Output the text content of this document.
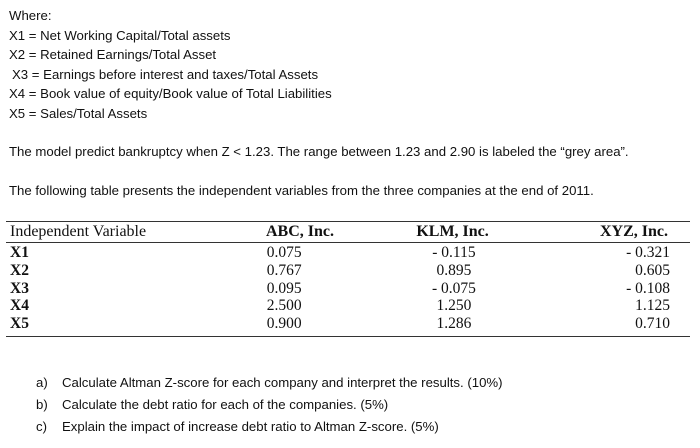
Where:
X1 = Net Working Capital/Total assets
X2 = Retained Earnings/Total Asset
X3 = Earnings before interest and taxes/Total Assets
X4 = Book value of equity/Book value of Total Liabilities
X5 = Sales/Total Assets
The model predict bankruptcy when Z < 1.23. The range between 1.23 and 2.90 is labeled the “grey area”.
The following table presents the independent variables from the three companies at the end of 2011.
Independent Variable	ABC, Inc.	KLM, Inc.	XYZ, Inc.
X1	0.075	- 0.115	- 0.321
X2	0.767	0.895	0.605
X3	0.095	- 0.075	- 0.108
X4	2.500	1.250	1.125
X5	0.900	1.286	0.710
a)	Calculate Altman Z-score for each company and interpret the results. (10%)
b)	Calculate the debt ratio for each of the companies. (5%)
c)	Explain the impact of increase debt ratio to Altman Z-score. (5%)
